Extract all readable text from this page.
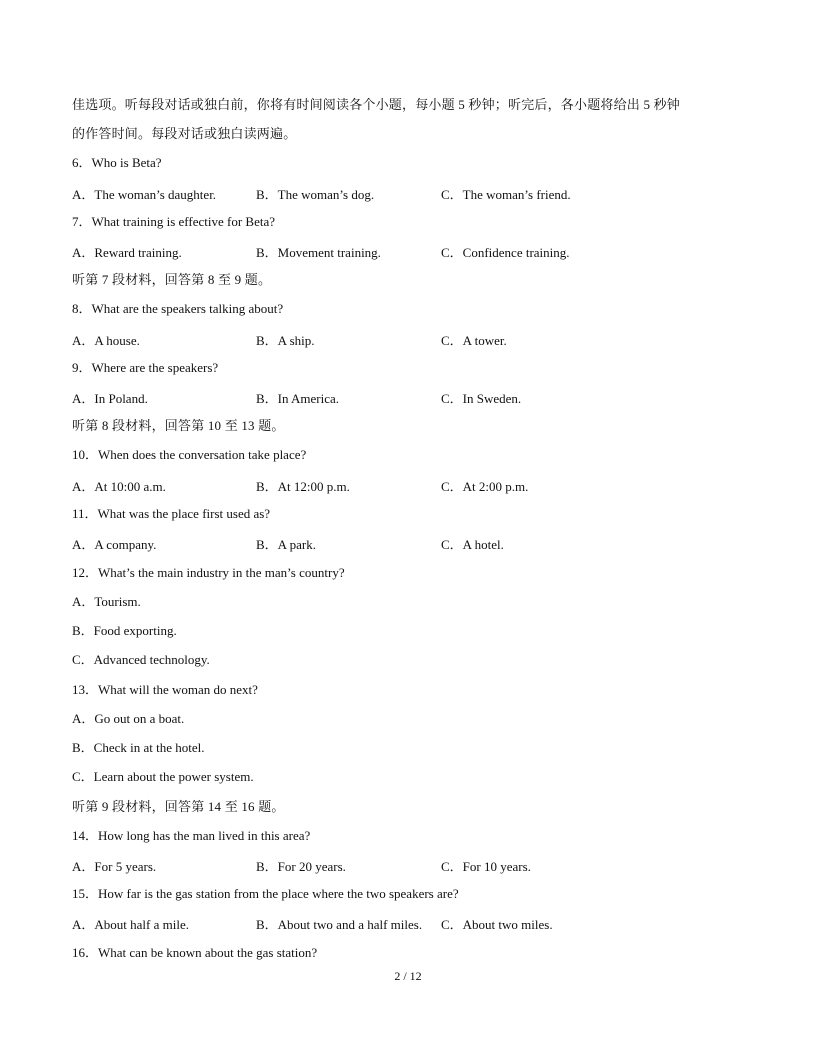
佳选项。听每段对话或独白前，你将有时间阅读各个小题，每小题 5 秒钟；听完后，各小题将给出 5 秒钟
的作答时间。每段对话或独白读两遍。
6．Who is Beta?
A．The woman’s daughter.	B．The woman’s dog.	C．The woman’s friend.
7．What training is effective for Beta?
A．Reward training.	B．Movement training.	C．Confidence training.
听第 7 段材料，回答第 8 至 9 题。
8．What are the speakers talking about?
A．A house.	B．A ship.	C．A tower.
9．Where are the speakers?
A．In Poland.	B．In America.	C．In Sweden.
听第 8 段材料，回答第 10 至 13 题。
10．When does the conversation take place?
A．At 10:00 a.m.	B．At 12:00 p.m.	C．At 2:00 p.m.
11．What was the place first used as?
A．A company.	B．A park.	C．A hotel.
12．What’s the main industry in the man’s country?
A．Tourism.
B．Food exporting.
C．Advanced technology.
13．What will the woman do next?
A．Go out on a boat.
B．Check in at the hotel.
C．Learn about the power system.
听第 9 段材料，回答第 14 至 16 题。
14．How long has the man lived in this area?
A．For 5 years.	B．For 20 years.	C．For 10 years.
15．How far is the gas station from the place where the two speakers are?
A．About half a mile.	B．About two and a half miles. C．About two miles.
16．What can be known about the gas station?
2 / 12
